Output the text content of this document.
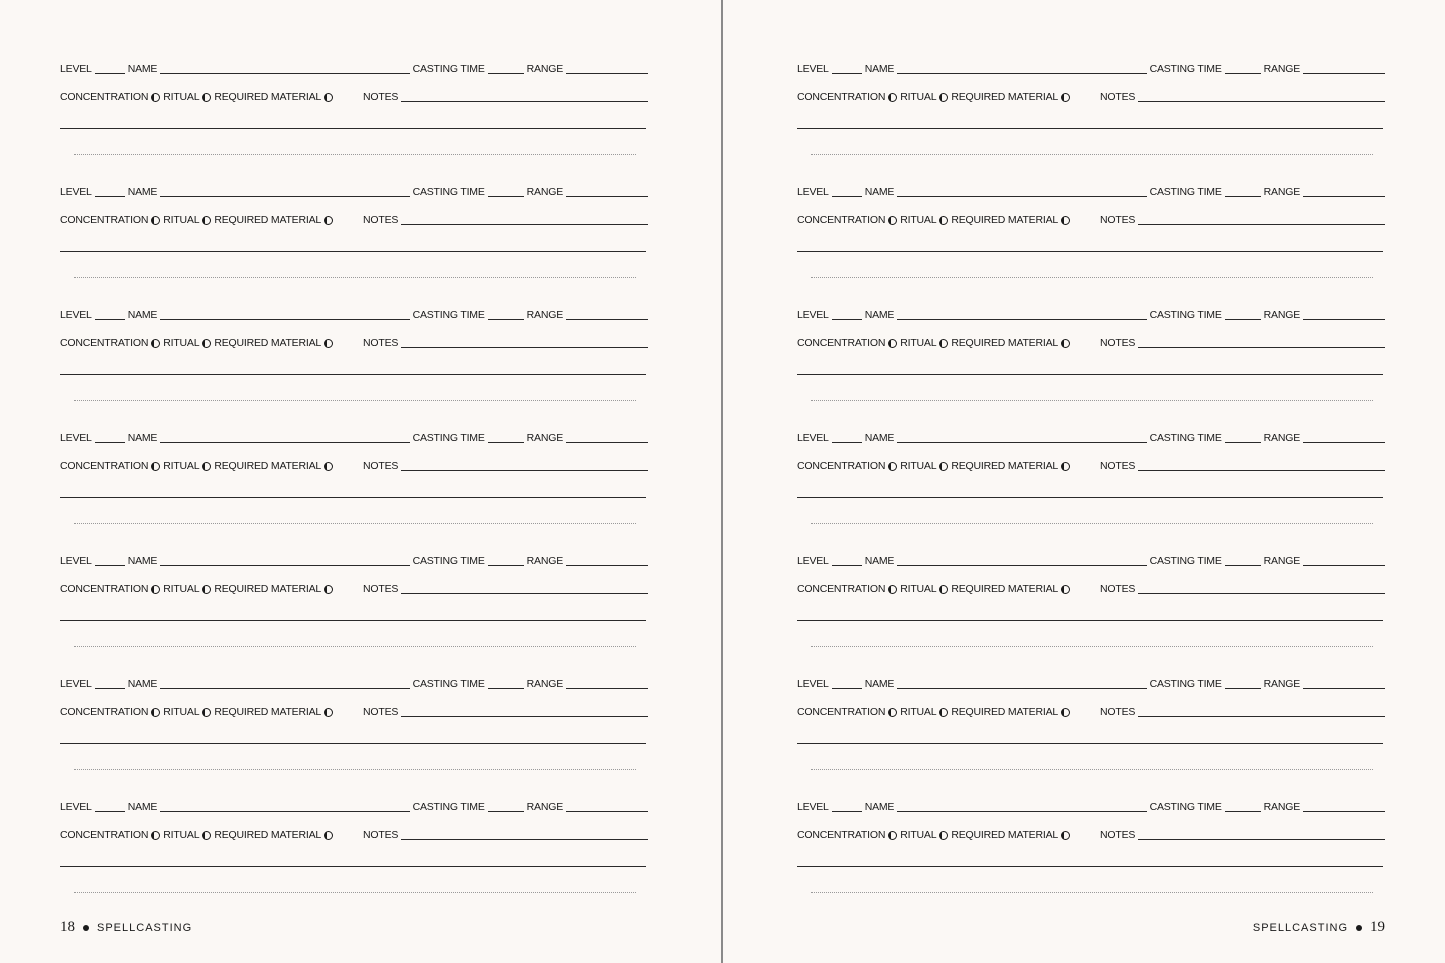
LEVEL	NAME	CASTING TIME	RANGE
CONCENTRATION RITUAL REQUIRED MATERIAL	NOTES
LEVEL	NAME	CASTING TIME	RANGE
CONCENTRATION RITUAL REQUIRED MATERIAL	NOTES
LEVEL	NAME	CASTING TIME	RANGE
CONCENTRATION RITUAL REQUIRED MATERIAL	NOTES
LEVEL	NAME	CASTING TIME	RANGE
CONCENTRATION RITUAL REQUIRED MATERIAL	NOTES
LEVEL	NAME	CASTING TIME	RANGE
CONCENTRATION RITUAL REQUIRED MATERIAL	NOTES
LEVEL	NAME	CASTING TIME	RANGE
CONCENTRATION RITUAL REQUIRED MATERIAL	NOTES
LEVEL	NAME	CASTING TIME	RANGE
CONCENTRATION RITUAL REQUIRED MATERIAL	NOTES
18 SPELLCASTING
LEVEL	NAME	CASTING TIME	RANGE
CONCENTRATION RITUAL REQUIRED MATERIAL	NOTES
LEVEL	NAME	CASTING TIME	RANGE
CONCENTRATION RITUAL REQUIRED MATERIAL	NOTES
LEVEL	NAME	CASTING TIME	RANGE
CONCENTRATION RITUAL REQUIRED MATERIAL	NOTES
LEVEL	NAME	CASTING TIME	RANGE
CONCENTRATION RITUAL REQUIRED MATERIAL	NOTES
LEVEL	NAME	CASTING TIME	RANGE
CONCENTRATION RITUAL REQUIRED MATERIAL	NOTES
LEVEL	NAME	CASTING TIME	RANGE
CONCENTRATION RITUAL REQUIRED MATERIAL	NOTES
LEVEL	NAME	CASTING TIME	RANGE
CONCENTRATION RITUAL REQUIRED MATERIAL	NOTES
SPELLCASTING 19
